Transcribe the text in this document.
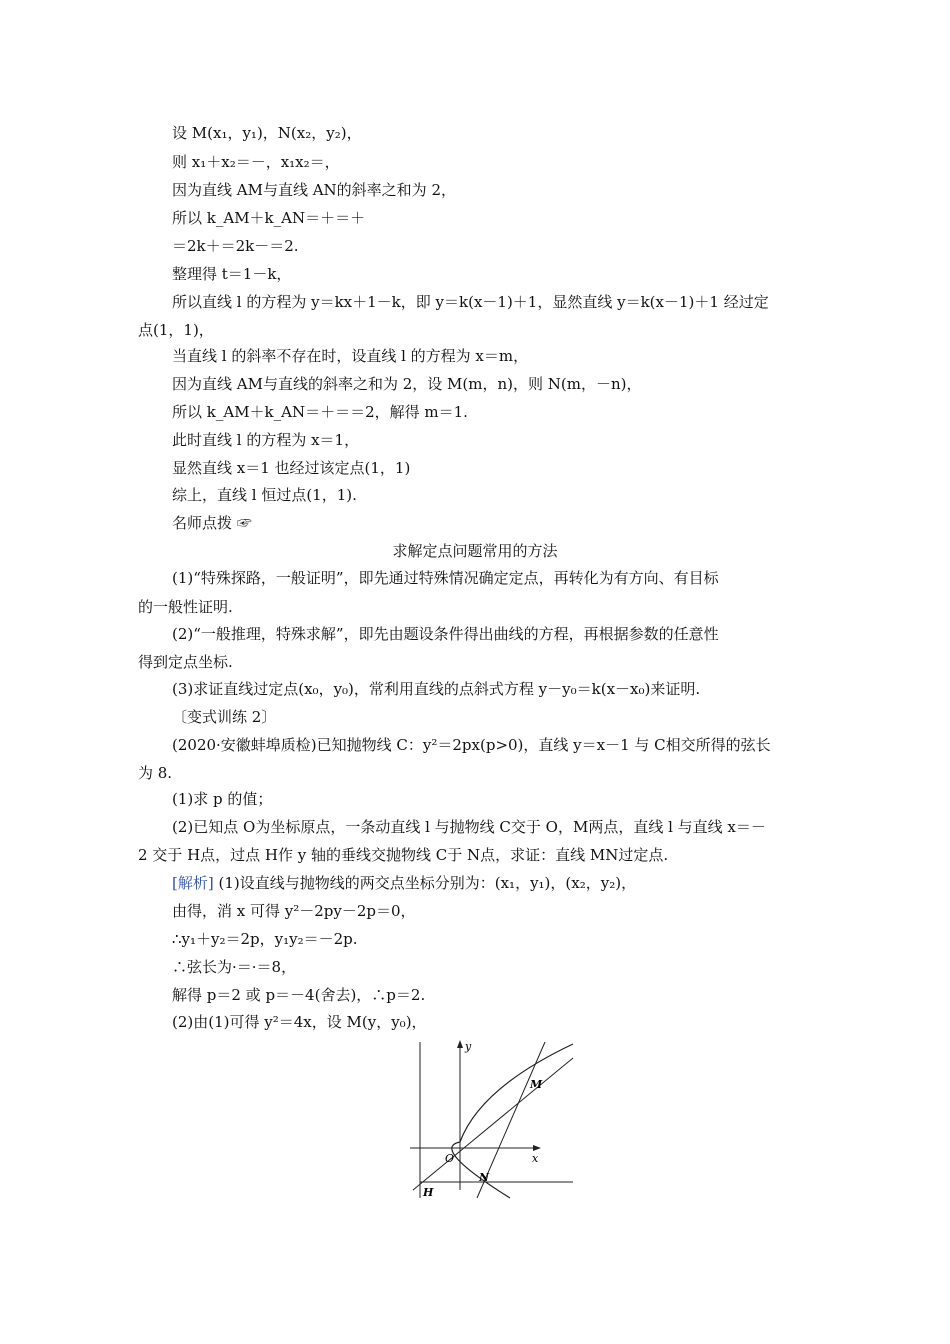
设 M(x₁，y₁)，N(x₂，y₂)，
则 x₁＋x₂＝－，x₁x₂＝，
因为直线 AM与直线 AN的斜率之和为 2，
所以 k_AM＋k_AN＝＋＝＋
＝2k＋＝2k－＝2.
整理得 t＝1－k，
所以直线 l 的方程为 y＝kx＋1－k，即 y＝k(x－1)＋1，显然直线 y＝k(x－1)＋1 经过定
点(1，1)，
当直线 l 的斜率不存在时，设直线 l 的方程为 x＝m，
因为直线 AM与直线的斜率之和为 2，设 M(m，n)，则 N(m，－n)，
所以 k_AM＋k_AN＝＋＝＝2，解得 m＝1.
此时直线 l 的方程为 x＝1，
显然直线 x＝1 也经过该定点(1，1)
综上，直线 l 恒过点(1，1).
名师点拨 ☞
求解定点问题常用的方法
(1)“特殊探路，一般证明”，即先通过特殊情况确定定点，再转化为有方向、有目标
的一般性证明.
(2)“一般推理，特殊求解”，即先由题设条件得出曲线的方程，再根据参数的任意性
得到定点坐标.
(3)求证直线过定点(x₀，y₀)，常利用直线的点斜式方程 y－y₀＝k(x－x₀)来证明.
〔变式训练 2〕
(2020·安徽蚌埠质检)已知抛物线 C：y²＝2px(p>0)，直线 y＝x－1 与 C相交所得的弦长
为 8.
(1)求 p 的值；
(2)已知点 O为坐标原点，一条动直线 l 与抛物线 C交于 O，M两点，直线 l 与直线 x＝－
2 交于 H点，过点 H作 y 轴的垂线交抛物线 C于 N点，求证：直线 MN过定点.
[解析] (1)设直线与抛物线的两交点坐标分别为：(x₁，y₁)，(x₂，y₂)，
由得，消 x 可得 y²－2py－2p＝0，
∴y₁＋y₂＝2p，y₁y₂＝－2p.
∴弦长为·＝·＝8，
解得 p＝2 或 p＝－4(舍去)，∴p＝2.
(2)由(1)可得 y²＝4x，设 M(y，y₀)，
y
x
O
M
N
H
